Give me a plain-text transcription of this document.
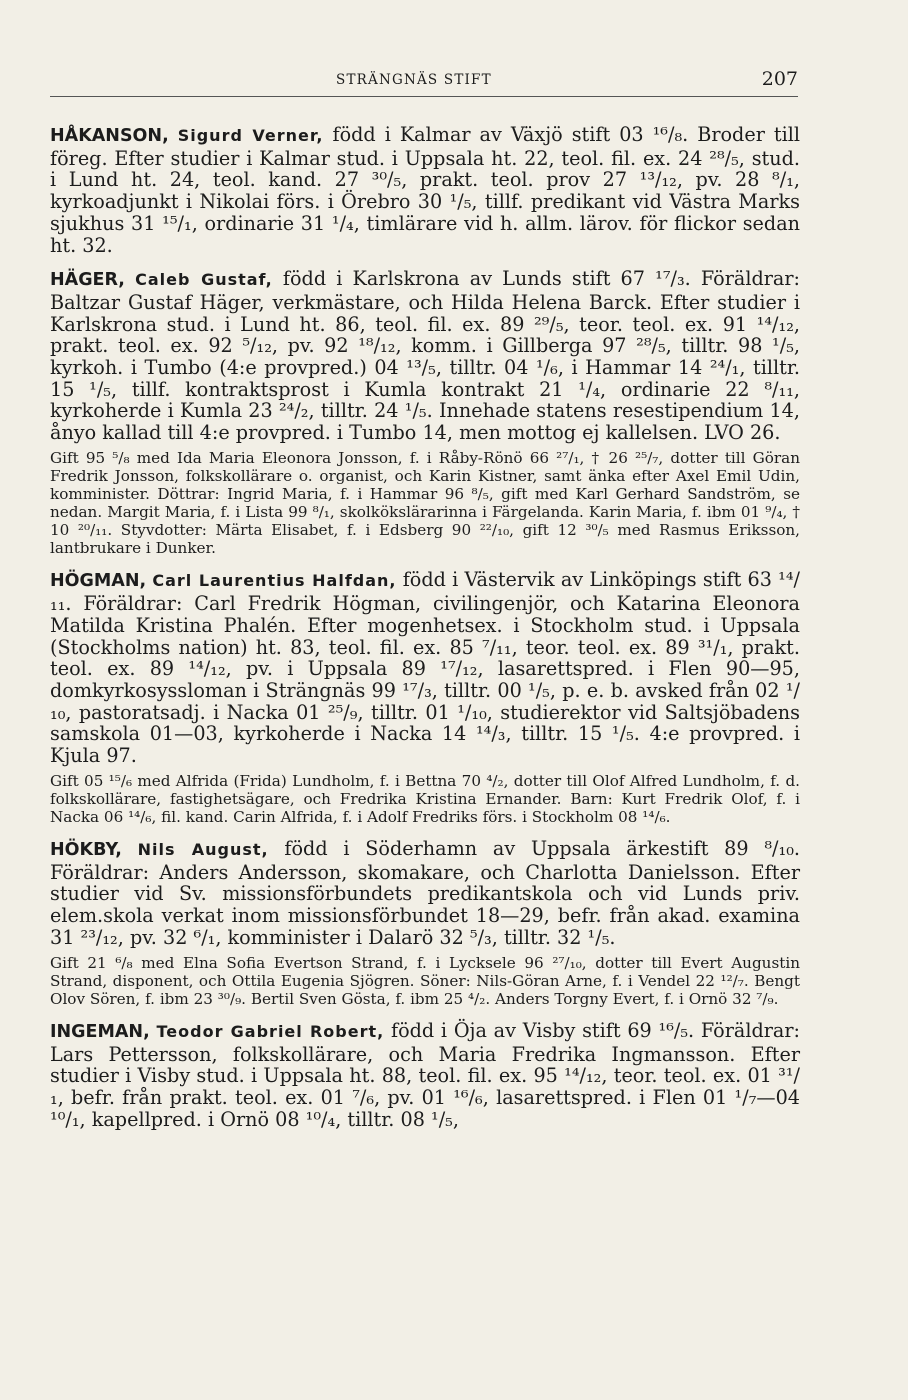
STRÄNGNÄS STIFT	207

HÅKANSON, Sigurd Verner, född i Kalmar av Växjö stift 03 ¹⁶/₈. Broder till föreg. Efter studier i Kalmar stud. i Uppsala ht. 22, teol. fil. ex. 24 ²⁸/₅, stud. i Lund ht. 24, teol. kand. 27 ³⁰/₅, prakt. teol. prov 27 ¹³/₁₂, pv. 28 ⁸/₁, kyrkoadjunkt i Nikolai förs. i Örebro 30 ¹/₅, tillf. predikant vid Västra Marks sjukhus 31 ¹⁵/₁, ordinarie 31 ¹/₄, timlärare vid h. allm. lärov. för flickor sedan ht. 32.

HÄGER, Caleb Gustaf, född i Karlskrona av Lunds stift 67 ¹⁷/₃. Föräldrar: Baltzar Gustaf Häger, verkmästare, och Hilda Helena Barck. Efter studier i Karlskrona stud. i Lund ht. 86, teol. fil. ex. 89 ²⁹/₅, teor. teol. ex. 91 ¹⁴/₁₂, prakt. teol. ex. 92 ⁵/₁₂, pv. 92 ¹⁸/₁₂, komm. i Gillberga 97 ²⁸/₅, tilltr. 98 ¹/₅, kyrkoh. i Tumbo (4:e provpred.) 04 ¹³/₅, tilltr. 04 ¹/₆, i Hammar 14 ²⁴/₁, tilltr. 15 ¹/₅, tillf. kontraktsprost i Kumla kontrakt 21 ¹/₄, ordinarie 22 ⁸/₁₁, kyrkoherde i Kumla 23 ²⁴/₂, tilltr. 24 ¹/₅. Innehade statens resestipendium 14, ånyo kallad till 4:e provpred. i Tumbo 14, men mottog ej kallelsen. LVO 26.

Gift 95 ⁵/₈ med Ida Maria Eleonora Jonsson, f. i Råby-Rönö 66 ²⁷/₁, † 26 ²⁵/₇, dotter till Göran Fredrik Jonsson, folkskollärare o. organist, och Karin Kistner, samt änka efter Axel Emil Udin, komminister. Döttrar: Ingrid Maria, f. i Hammar 96 ⁸/₅, gift med Karl Gerhard Sandström, se nedan. Margit Maria, f. i Lista 99 ⁸/₁, skolkökslärarinna i Färgelanda. Karin Maria, f. ibm 01 ⁹/₄, † 10 ²⁰/₁₁. Styvdotter: Märta Elisabet, f. i Edsberg 90 ²²/₁₀, gift 12 ³⁰/₅ med Rasmus Eriksson, lantbrukare i Dunker.

HÖGMAN, Carl Laurentius Halfdan, född i Västervik av Linköpings stift 63 ¹⁴/₁₁. Föräldrar: Carl Fredrik Högman, civilingenjör, och Katarina Eleonora Matilda Kristina Phalén. Efter mogenhetsex. i Stockholm stud. i Uppsala (Stockholms nation) ht. 83, teol. fil. ex. 85 ⁷/₁₁, teor. teol. ex. 89 ³¹/₁, prakt. teol. ex. 89 ¹⁴/₁₂, pv. i Uppsala 89 ¹⁷/₁₂, lasarettspred. i Flen 90—95, domkyrkosyssloman i Strängnäs 99 ¹⁷/₃, tilltr. 00 ¹/₅, p. e. b. avsked från 02 ¹/₁₀, pastoratsadj. i Nacka 01 ²⁵/₉, tilltr. 01 ¹/₁₀, studierektor vid Saltsjöbadens samskola 01—03, kyrkoherde i Nacka 14 ¹⁴/₃, tilltr. 15 ¹/₅. 4:e provpred. i Kjula 97.

Gift 05 ¹⁵/₆ med Alfrida (Frida) Lundholm, f. i Bettna 70 ⁴/₂, dotter till Olof Alfred Lundholm, f. d. folkskollärare, fastighetsägare, och Fredrika Kristina Ernander. Barn: Kurt Fredrik Olof, f. i Nacka 06 ¹⁴/₆, fil. kand. Carin Alfrida, f. i Adolf Fredriks förs. i Stockholm 08 ¹⁴/₆.

HÖKBY, Nils August, född i Söderhamn av Uppsala ärkestift 89 ⁸/₁₀. Föräldrar: Anders Andersson, skomakare, och Charlotta Danielsson. Efter studier vid Sv. missionsförbundets predikantskola och vid Lunds priv. elem.skola verkat inom missionsförbundet 18—29, befr. från akad. examina 31 ²³/₁₂, pv. 32 ⁶/₁, komminister i Dalarö 32 ⁵/₃, tilltr. 32 ¹/₅.

Gift 21 ⁶/₈ med Elna Sofia Evertson Strand, f. i Lycksele 96 ²⁷/₁₀, dotter till Evert Augustin Strand, disponent, och Ottila Eugenia Sjögren. Söner: Nils-Göran Arne, f. i Vendel 22 ¹²/₇. Bengt Olov Sören, f. ibm 23 ³⁰/₉. Bertil Sven Gösta, f. ibm 25 ⁴/₂. Anders Torgny Evert, f. i Ornö 32 ⁷/₉.

INGEMAN, Teodor Gabriel Robert, född i Öja av Visby stift 69 ¹⁶/₅. Föräldrar: Lars Pettersson, folkskollärare, och Maria Fredrika Ingmansson. Efter studier i Visby stud. i Uppsala ht. 88, teol. fil. ex. 95 ¹⁴/₁₂, teor. teol. ex. 01 ³¹/₁, befr. från prakt. teol. ex. 01 ⁷/₆, pv. 01 ¹⁶/₆, lasarettspred. i Flen 01 ¹/₇—04 ¹⁰/₁, kapellpred. i Ornö 08 ¹⁰/₄, tilltr. 08 ¹/₅,
